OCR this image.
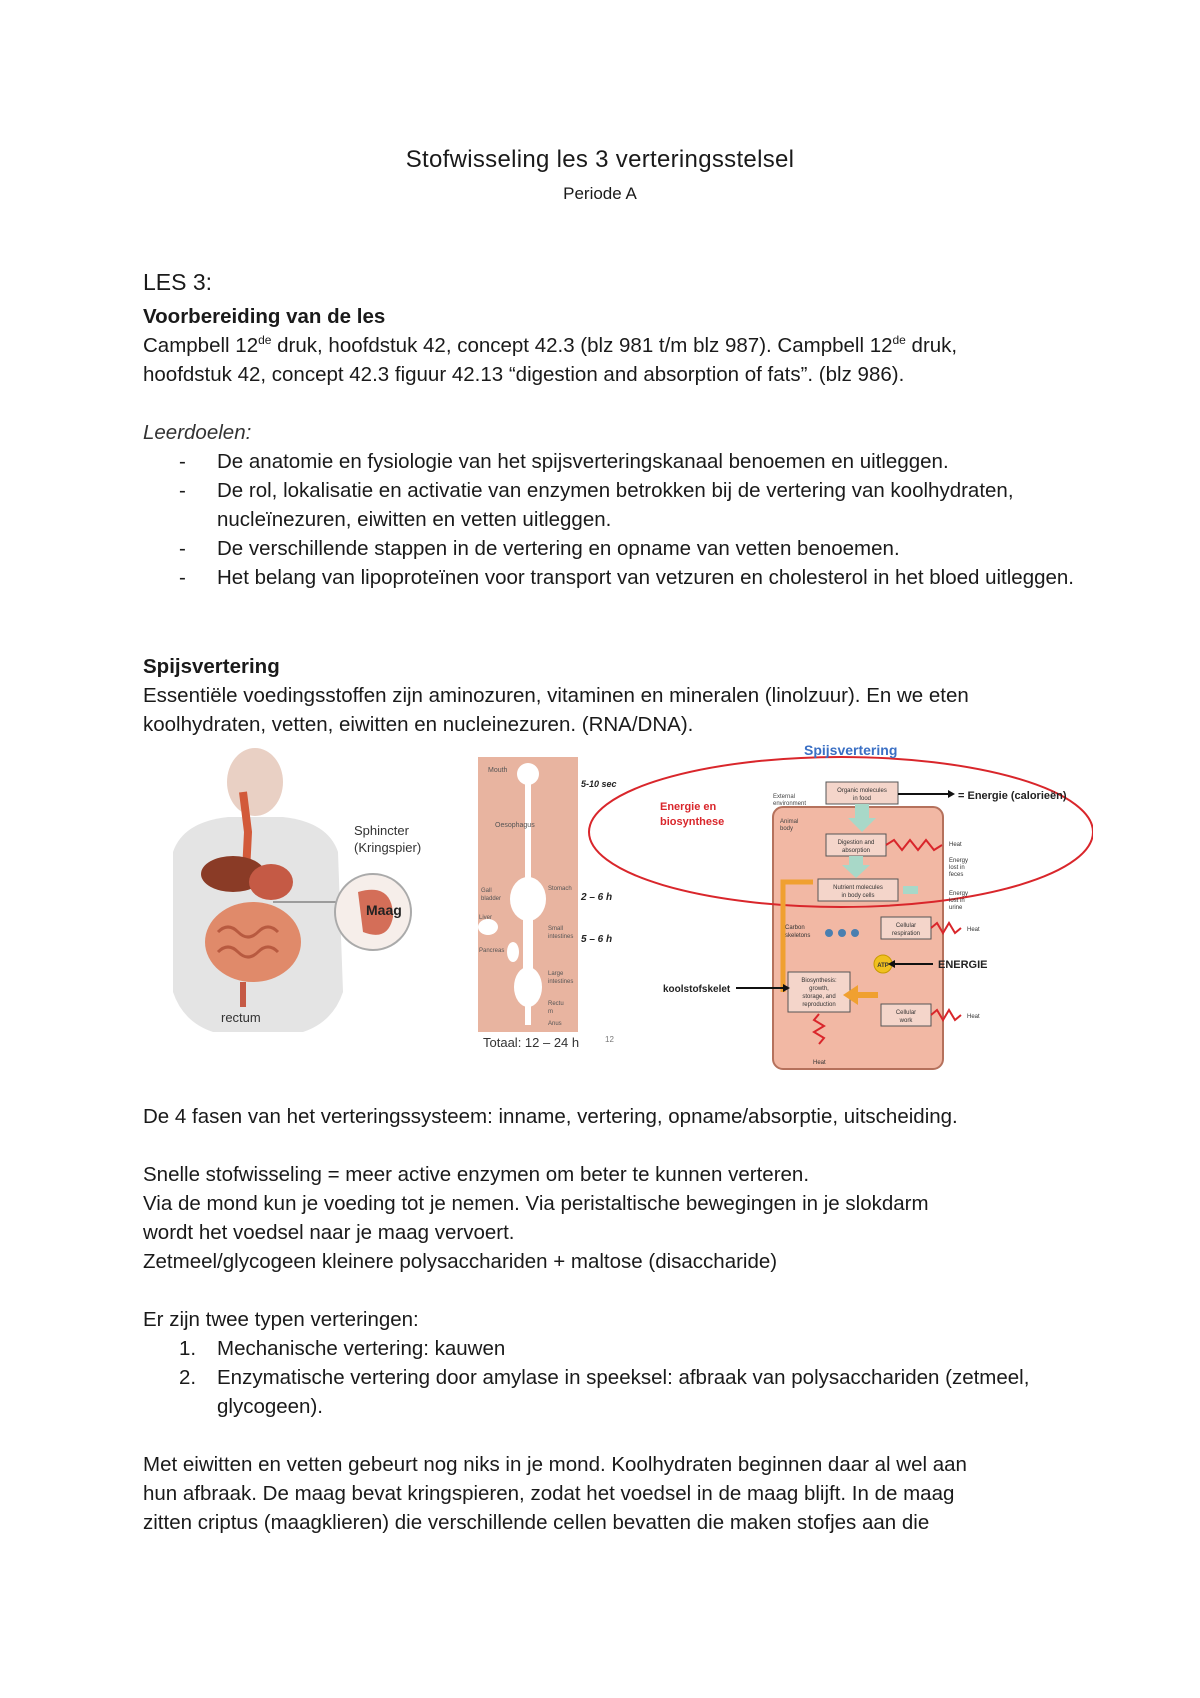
Stofwisseling les 3 verteringsstelsel
Periode A
LES 3:
Voorbereiding van de les
Campbell 12de druk, hoofdstuk 42, concept 42.3 (blz 981 t/m blz 987). Campbell 12de druk,
hoofdstuk 42, concept 42.3 figuur 42.13 “digestion and absorption of fats”. (blz 986).
Leerdoelen:
- De anatomie en fysiologie van het spijsverteringskanaal benoemen en uitleggen.
- De rol, lokalisatie en activatie van enzymen betrokken bij de vertering van koolhydraten, nucleïnezuren, eiwitten en vetten uitleggen.
- De verschillende stappen in de vertering en opname van vetten benoemen.
- Het belang van lipoproteïnen voor transport van vetzuren en cholesterol in het bloed uitleggen.
Spijsvertering
Essentiële voedingsstoffen zijn aminozuren, vitaminen en mineralen (linolzuur). En we eten
koolhydraten, vetten, eiwitten en nucleinezuren. (RNA/DNA).
Sphincter
(Kringspier)
Maag
rectum
Mouth
Oesophagus
Gall
bladder
Liver
Pancreas
Stomach
Small
intestines
Large
intestines
Rectu
m
Anus
5-10 sec
2 – 6 h
5 – 6 h
Totaal: 12 – 24 h	12
Spijsvertering
Energie en
biosynthese
External
environment
Animal
body
Organic molecules
in food
Digestion and
absorption
Nutrient molecules
in body cells
Cellular
respiration
Carbon
skeletons
ATP
Biosynthesis:
growth,
storage, and
reproduction
Cellular
work
Heat
Energy
lost in
feces
Energy
lost in
urine
Heat
Heat
Heat
= Energie (calorieën)
ENERGIE
koolstofskelet
De 4 fasen van het verteringssysteem: inname, vertering, opname/absorptie, uitscheiding.
Snelle stofwisseling = meer active enzymen om beter te kunnen verteren.
Via de mond kun je voeding tot je nemen. Via peristaltische bewegingen in je slokdarm
wordt het voedsel naar je maag vervoert.
Zetmeel/glycogeen kleinere polysacchariden + maltose (disaccharide)
Er zijn twee typen verteringen:
1. Mechanische vertering: kauwen
2. Enzymatische vertering door amylase in speeksel: afbraak van polysacchariden (zetmeel, glycogeen).
Met eiwitten en vetten gebeurt nog niks in je mond. Koolhydraten beginnen daar al wel aan
hun afbraak. De maag bevat kringspieren, zodat het voedsel in de maag blijft. In de maag
zitten criptus (maagklieren) die verschillende cellen bevatten die maken stofjes aan die
